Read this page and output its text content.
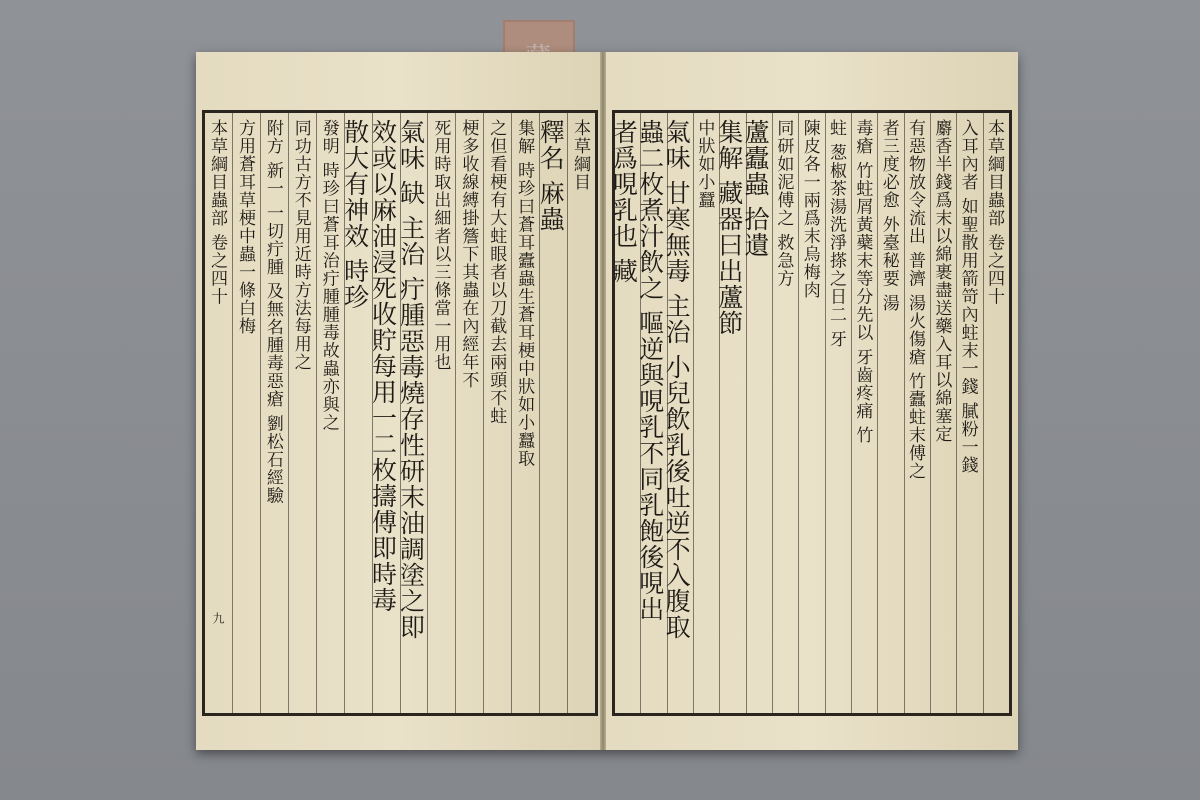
本草綱目
釋名 麻蟲
集解 時珍曰蒼耳蠹蟲生蒼耳梗中狀如小蠶取
之但看梗有大蛀眼者以刀截去兩頭不蛀
梗多收線縛掛簷下其蟲在內經年不
死用時取出細者以三條當一用也
氣味 缺 主治 疔腫惡毒燒存性研末油調塗之即
效或以麻油浸死收貯每用一二枚擣傅即時毒
散大有神效 時珍
發明 時珍曰蒼耳治疔腫腫毒故蟲亦與之
同功古方不見用近時方法每用之
附方 新一 一切疔腫 及無名腫毒惡瘡 劉松石經驗
方用蒼耳草梗中蟲一條白梅
本草綱目蟲部 卷之四十
九
本草綱目蟲部 卷之四十
入耳內者 如聖散用箭笴內蛀末一錢 膩粉一錢
麝香半錢爲末以綿裹盡送藥入耳以綿塞定
有惡物放令流出 普濟 湯火傷瘡 竹蠹蛀末傅之
者三度必愈 外臺秘要 湯
毒瘡 竹蛀屑黃蘗末等分先以 牙齒疼痛 竹
蛀 葱椒茶湯洗淨搽之日二 牙
陳皮各一兩爲末烏梅肉
同研如泥傅之 救急方
蘆蠹蟲 拾遺
集解 藏器曰出蘆節
中狀如小蠶
氣味 甘寒無毒 主治 小兒飲乳後吐逆不入腹取
蟲二枚煮汁飲之 嘔逆與哯乳不同乳飽後哯出
者爲哯乳也 藏
